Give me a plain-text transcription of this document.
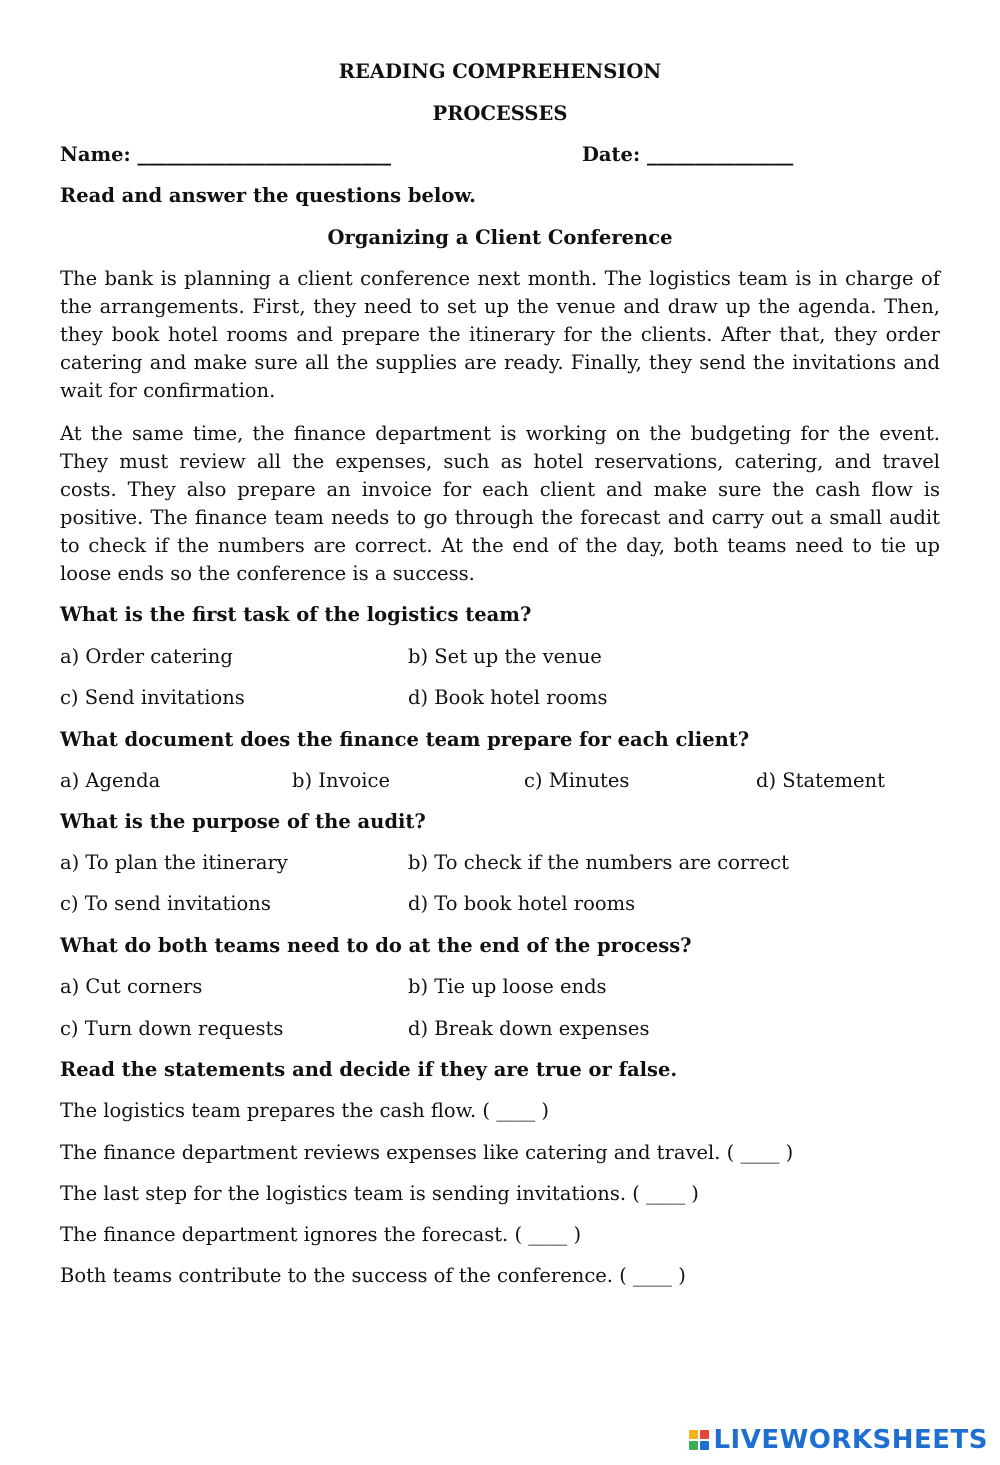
READING COMPREHENSION
PROCESSES
Name: __________________________	Date: _______________
Read and answer the questions below.
Organizing a Client Conference
The bank is planning a client conference next month. The logistics team is in charge of the arrangements. First, they need to set up the venue and draw up the agenda. Then, they book hotel rooms and prepare the itinerary for the clients. After that, they order catering and make sure all the supplies are ready. Finally, they send the invitations and wait for confirmation.
At the same time, the finance department is working on the budgeting for the event. They must review all the expenses, such as hotel reservations, catering, and travel costs. They also prepare an invoice for each client and make sure the cash flow is positive. The finance team needs to go through the forecast and carry out a small audit to check if the numbers are correct. At the end of the day, both teams need to tie up loose ends so the conference is a success.
What is the first task of the logistics team?
a) Order catering	b) Set up the venue
c) Send invitations	d) Book hotel rooms
What document does the finance team prepare for each client?
a) Agenda	b) Invoice	c) Minutes	d) Statement
What is the purpose of the audit?
a) To plan the itinerary	b) To check if the numbers are correct
c) To send invitations	d) To book hotel rooms
What do both teams need to do at the end of the process?
a) Cut corners	b) Tie up loose ends
c) Turn down requests	d) Break down expenses
Read the statements and decide if they are true or false.
The logistics team prepares the cash flow. ( ____ )
The finance department reviews expenses like catering and travel. ( ____ )
The last step for the logistics team is sending invitations. ( ____ )
The finance department ignores the forecast. ( ____ )
Both teams contribute to the success of the conference. ( ____ )
LIVEWORKSHEETS
